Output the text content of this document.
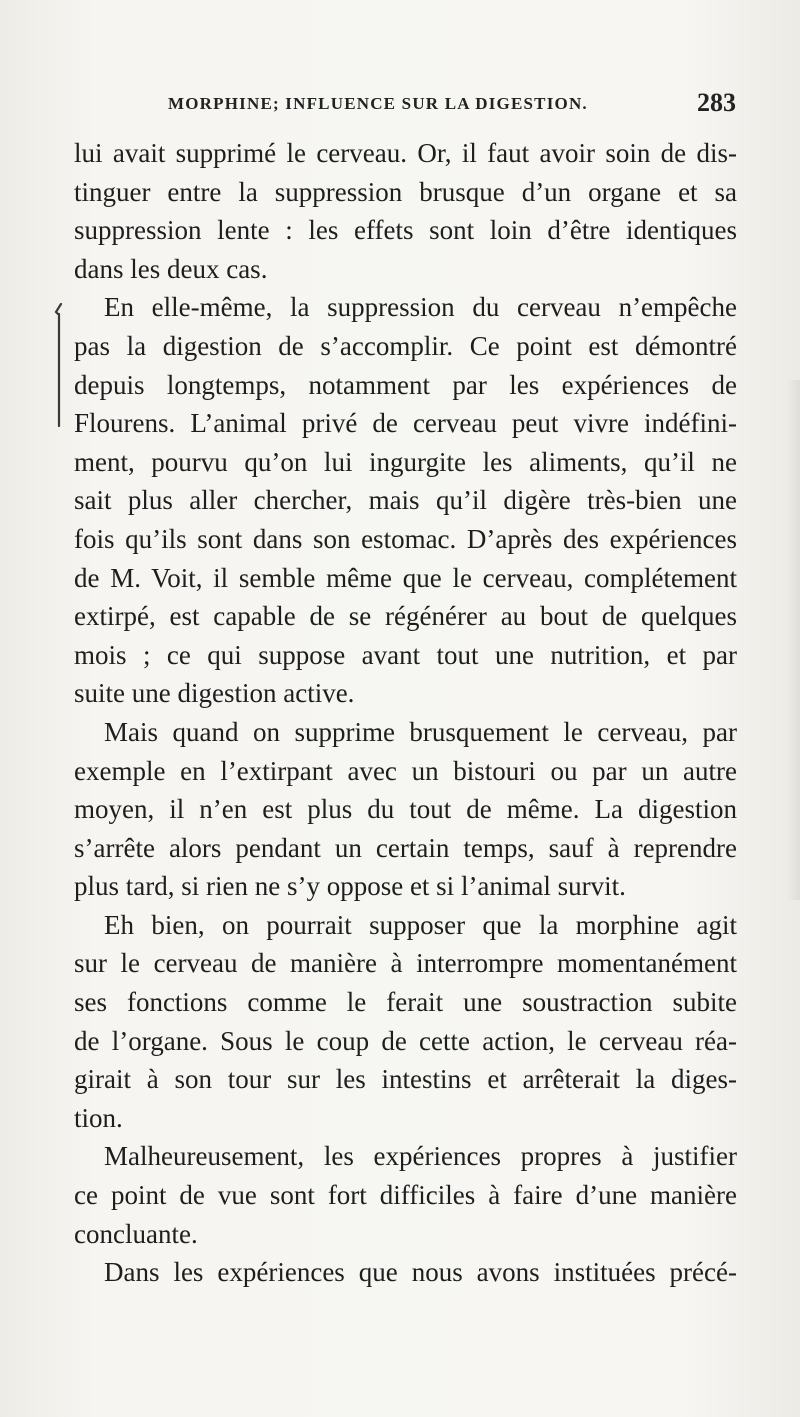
MORPHINE; INFLUENCE SUR LA DIGESTION.	283
lui avait supprimé le cerveau. Or, il faut avoir soin de dis-
tinguer entre la suppression brusque d’un organe et sa
suppression lente : les effets sont loin d’être identiques
dans les deux cas.
En elle-même, la suppression du cerveau n’empêche
pas la digestion de s’accomplir. Ce point est démontré
depuis longtemps, notamment par les expériences de
Flourens. L’animal privé de cerveau peut vivre indéfini-
ment, pourvu qu’on lui ingurgite les aliments, qu’il ne
sait plus aller chercher, mais qu’il digère très-bien une
fois qu’ils sont dans son estomac. D’après des expériences
de M. Voit, il semble même que le cerveau, complétement
extirpé, est capable de se régénérer au bout de quelques
mois ; ce qui suppose avant tout une nutrition, et par
suite une digestion active.
Mais quand on supprime brusquement le cerveau, par
exemple en l’extirpant avec un bistouri ou par un autre
moyen, il n’en est plus du tout de même. La digestion
s’arrête alors pendant un certain temps, sauf à reprendre
plus tard, si rien ne s’y oppose et si l’animal survit.
Eh bien, on pourrait supposer que la morphine agit
sur le cerveau de manière à interrompre momentanément
ses fonctions comme le ferait une soustraction subite
de l’organe. Sous le coup de cette action, le cerveau réa-
girait à son tour sur les intestins et arrêterait la diges-
tion.
Malheureusement, les expériences propres à justifier
ce point de vue sont fort difficiles à faire d’une manière
concluante.
Dans les expériences que nous avons instituées précé-
